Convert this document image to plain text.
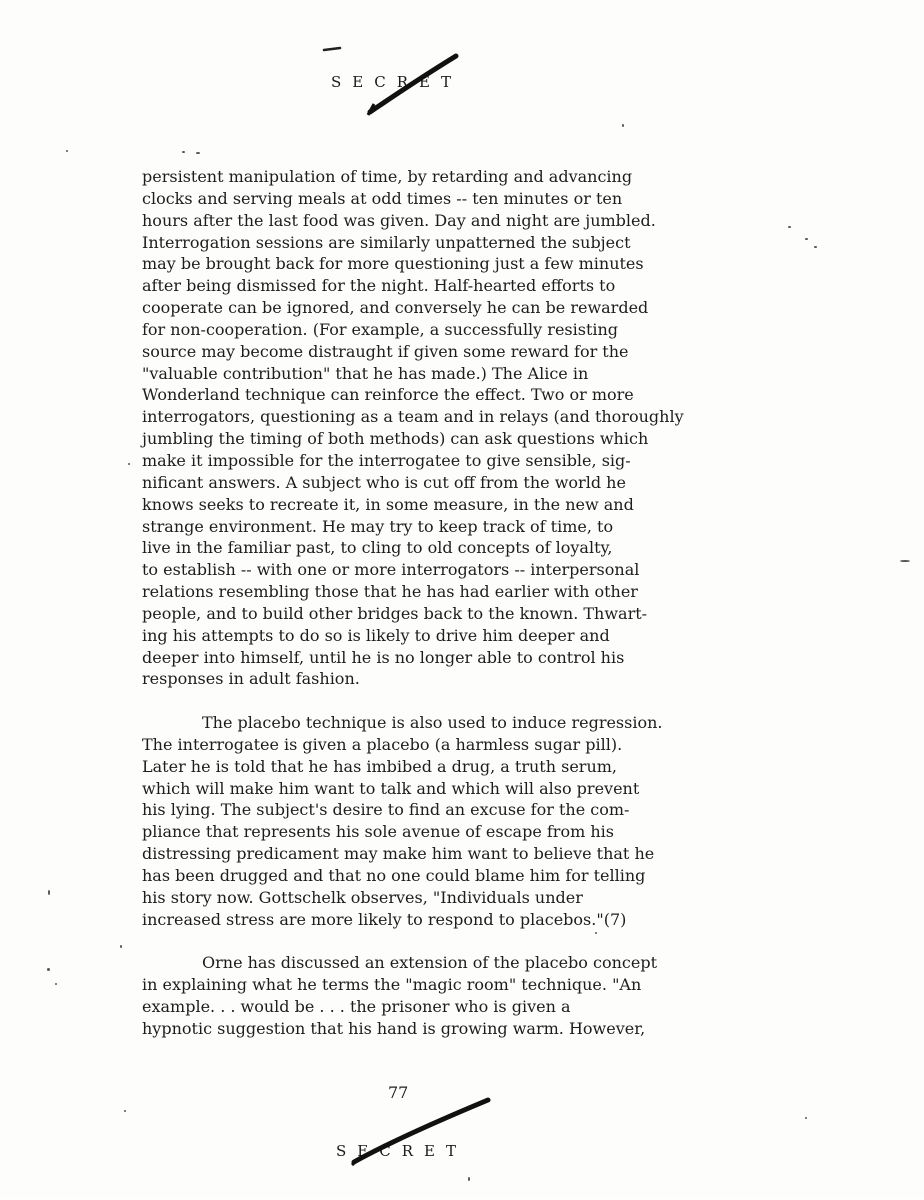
SECRET
persistent manipulation of time, by retarding and advancing
clocks and serving meals at odd times -- ten minutes or ten
hours after the last food was given. Day and night are jumbled.
Interrogation sessions are similarly unpatterned the subject
may be brought back for more questioning just a few minutes
after being dismissed for the night. Half-hearted efforts to
cooperate can be ignored, and conversely he can be rewarded
for non-cooperation. (For example, a successfully resisting
source may become distraught if given some reward for the
"valuable contribution" that he has made.) The Alice in
Wonderland technique can reinforce the effect. Two or more
interrogators, questioning as a team and in relays (and thoroughly
jumbling the timing of both methods) can ask questions which
make it impossible for the interrogatee to give sensible, sig-
nificant answers. A subject who is cut off from the world he
knows seeks to recreate it, in some measure, in the new and
strange environment. He may try to keep track of time, to
live in the familiar past, to cling to old concepts of loyalty,
to establish -- with one or more interrogators -- interpersonal
relations resembling those that he has had earlier with other
people, and to build other bridges back to the known. Thwart-
ing his attempts to do so is likely to drive him deeper and
deeper into himself, until he is no longer able to control his
responses in adult fashion.
The placebo technique is also used to induce regression.
The interrogatee is given a placebo (a harmless sugar pill).
Later he is told that he has imbibed a drug, a truth serum,
which will make him want to talk and which will also prevent
his lying. The subject's desire to find an excuse for the com-
pliance that represents his sole avenue of escape from his
distressing predicament may make him want to believe that he
has been drugged and that no one could blame him for telling
his story now. Gottschelk observes, "Individuals under
increased stress are more likely to respond to placebos."(7)
Orne has discussed an extension of the placebo concept
in explaining what he terms the "magic room" technique. "An
example. . . would be . . . the prisoner who is given a
hypnotic suggestion that his hand is growing warm. However,
77
SECRET
